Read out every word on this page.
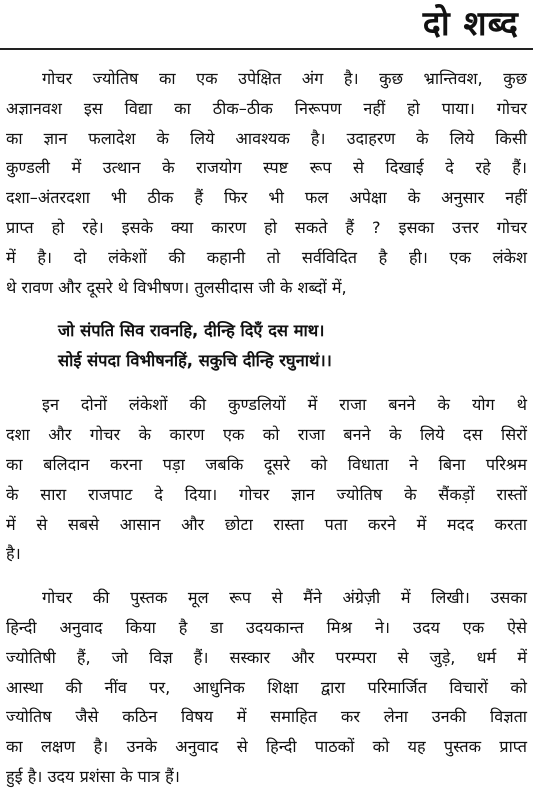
दो शब्द

गोचर ज्योतिष का एक उपेक्षित अंग है। कुछ भ्रान्तिवश, कुछ
अज्ञानवश इस विद्या का ठीक–ठीक निरूपण नहीं हो पाया। गोचर
का ज्ञान फलादेश के लिये आवश्यक है। उदाहरण के लिये किसी
कुण्डली में उत्थान के राजयोग स्पष्ट रूप से दिखाई दे रहे हैं।
दशा–अंतरदशा भी ठीक हैं फिर भी फल अपेक्षा के अनुसार नहीं
प्राप्त हो रहे। इसके क्या कारण हो सकते हैं ? इसका उत्तर गोचर
में है। दो लंकेशों की कहानी तो सर्वविदित है ही। एक लंकेश
थे रावण और दूसरे थे विभीषण। तुलसीदास जी के शब्दों में,

जो संपति सिव रावनहि, दीन्हि दिएँ दस माथ।
सोई संपदा विभीषनहिं, सकुचि दीन्हि रघुनाथं।।

इन दोनों लंकेशों की कुण्डलियों में राजा बनने के योग थे
दशा और गोचर के कारण एक को राजा बनने के लिये दस सिरों
का बलिदान करना पड़ा जबकि दूसरे को विधाता ने बिना परिश्रम
के सारा राजपाट दे दिया। गोचर ज्ञान ज्योतिष के सैंकड़ों रास्तों
में से सबसे आसान और छोटा रास्ता पता करने में मदद करता
है।

गोचर की पुस्तक मूल रूप से मैंने अंग्रेज़ी में लिखी। उसका
हिन्दी अनुवाद किया है डा उदयकान्त मिश्र ने। उदय एक ऐसे
ज्योतिषी हैं, जो विज्ञ हैं। सस्कार और परम्परा से जुड़े, धर्म में
आस्था की नींव पर, आधुनिक शिक्षा द्वारा परिमार्जित विचारों को
ज्योतिष जैसे कठिन विषय में समाहित कर लेना उनकी विज्ञता
का लक्षण है। उनके अनुवाद से हिन्दी पाठकों को यह पुस्तक प्राप्त
हुई है। उदय प्रशंसा के पात्र हैं।
